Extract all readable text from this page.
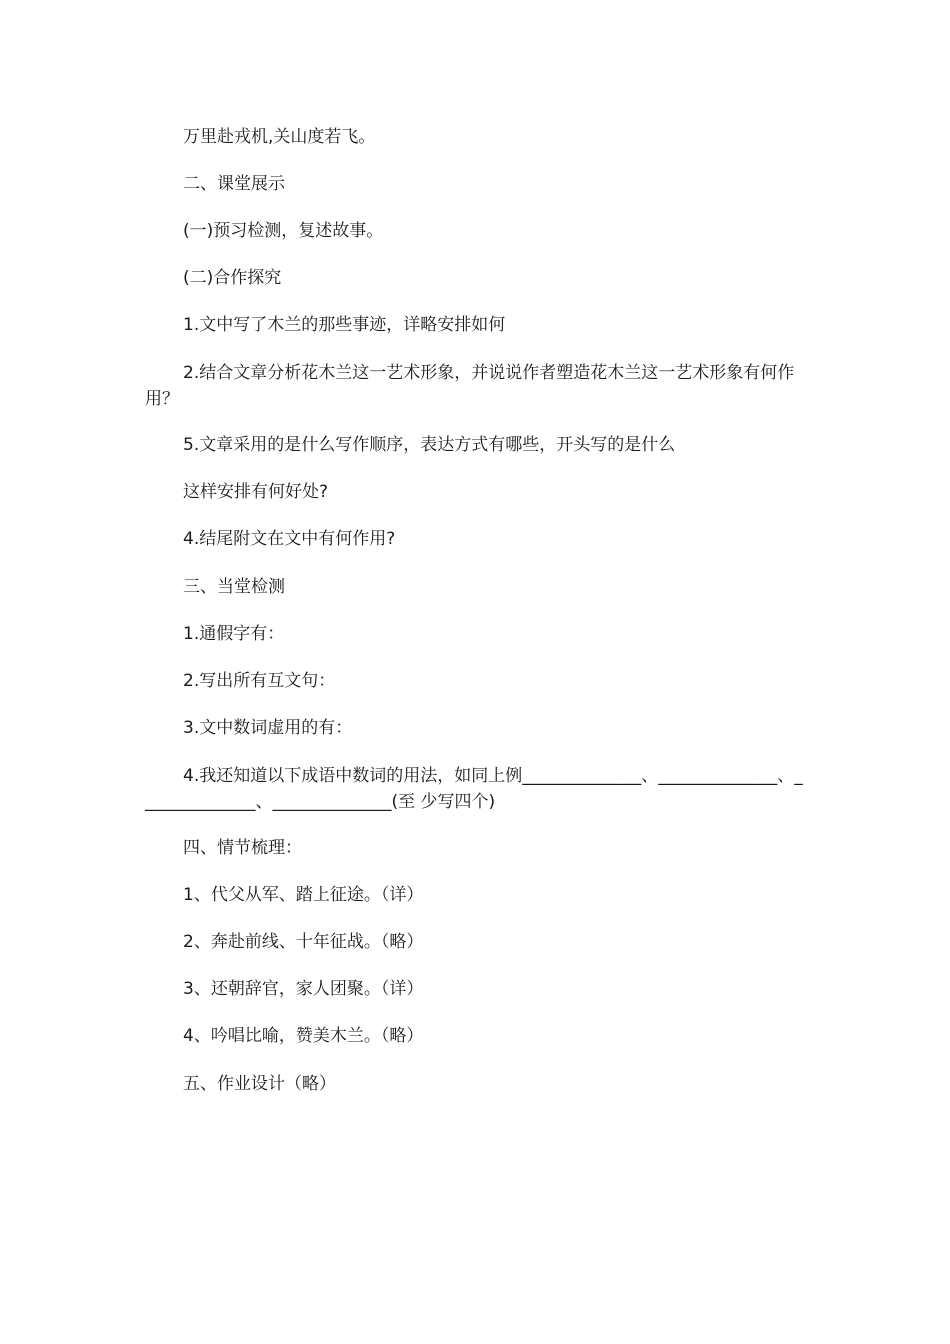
万里赴戎机,关山度若飞。
二、课堂展示
(一)预习检测，复述故事。
(二)合作探究
1.文中写了木兰的那些事迹，详略安排如何
2.结合文章分析花木兰这一艺术形象，并说说作者塑造花木兰这一艺术形象有何作用？
5.文章采用的是什么写作顺序，表达方式有哪些，开头写的是什么
这样安排有何好处?
4.结尾附文在文中有何作用?
三、当堂检测
1.通假字有：
2.写出所有互文句：
3.文中数词虚用的有：
4.我还知道以下成语中数词的用法，如同上例______________、______________、______________、______________(至 少写四个)
四、情节梳理：
1、代父从军、踏上征途。（详）
2、奔赴前线、十年征战。（略）
3、还朝辞官，家人团聚。（详）
4、吟唱比喻，赞美木兰。（略）
五、作业设计（略）
